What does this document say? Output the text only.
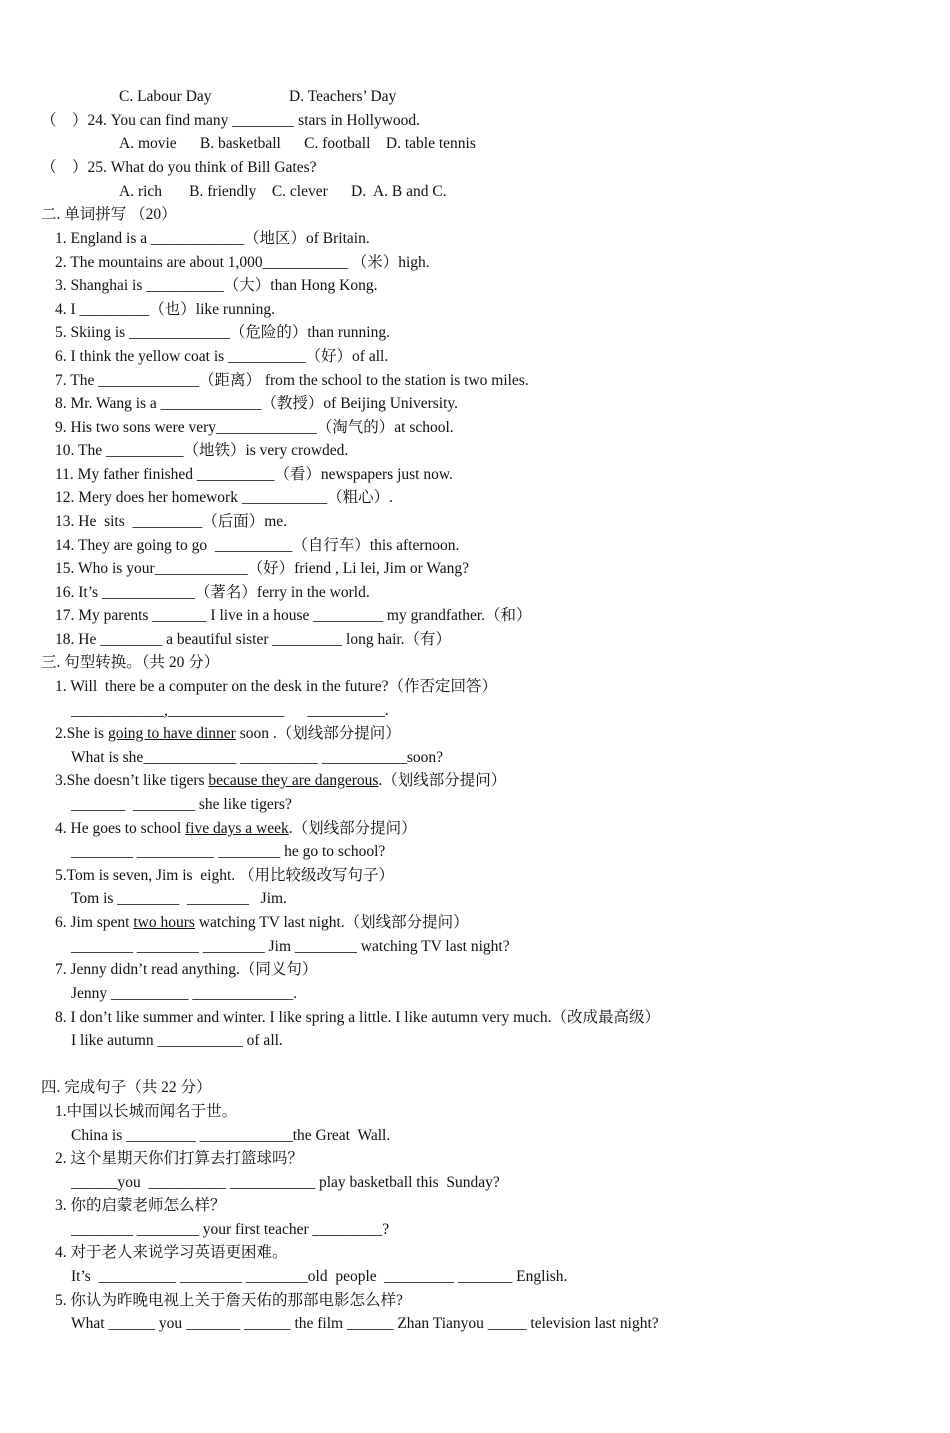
C. Labour Day                    D. Teachers’ Day
（    ）24. You can find many ________ stars in Hollywood.
A. movie      B. basketball      C. football    D. table tennis
（    ）25. What do you think of Bill Gates?
A. rich       B. friendly    C. clever      D.  A. B and C.
二. 单词拼写 （20）
1. England is a ____________（地区）of Britain.
2. The mountains are about 1,000___________ （米）high.
3. Shanghai is __________（大）than Hong Kong.
4. I _________（也）like running.
5. Skiing is _____________（危险的）than running.
6. I think the yellow coat is __________（好）of all.
7. The _____________（距离） from the school to the station is two miles.
8. Mr. Wang is a _____________（教授）of Beijing University.
9. His two sons were very_____________（淘气的）at school.
10. The __________（地铁）is very crowded.
11. My father finished __________（看）newspapers just now.
12. Mery does her homework ___________（粗心）.
13. He  sits  _________（后面）me.
14. They are going to go  __________（自行车）this afternoon.
15. Who is your____________（好）friend , Li lei, Jim or Wang?
16. It’s ____________（著名）ferry in the world.
17. My parents _______ I live in a house _________ my grandfather.（和）
18. He ________ a beautiful sister _________ long hair.（有）
三. 句型转换。（共 20 分）
1. Will  there be a computer on the desk in the future?（作否定回答）
____________,_______________      __________.
2.She is going to have dinner soon .（划线部分提问）
What is she____________ __________ ___________soon?
3.She doesn’t like tigers because they are dangerous.（划线部分提问）
_______  ________ she like tigers?
4. He goes to school five days a week.（划线部分提问）
________ __________ ________ he go to school?
5.Tom is seven, Jim is  eight. （用比较级改写句子）
Tom is ________  ________   Jim.
6. Jim spent two hours watching TV last night.（划线部分提问）
________ ________ ________ Jim ________ watching TV last night?
7. Jenny didn’t read anything.（同义句）
Jenny __________ _____________.
8. I don’t like summer and winter. I like spring a little. I like autumn very much.（改成最高级）
I like autumn ___________ of all.
四. 完成句子（共 22 分）
1.中国以长城而闻名于世。
China is _________ ____________the Great  Wall.
2. 这个星期天你们打算去打篮球吗？
______you  __________ ___________ play basketball this  Sunday?
3. 你的启蒙老师怎么样？
________ ________ your first teacher _________?
4. 对于老人来说学习英语更困难。
It’s  __________ ________ ________old  people  _________ _______ English.
5. 你认为昨晚电视上关于詹天佑的那部电影怎么样?
What ______ you _______ ______ the film ______ Zhan Tianyou _____ television last night?
